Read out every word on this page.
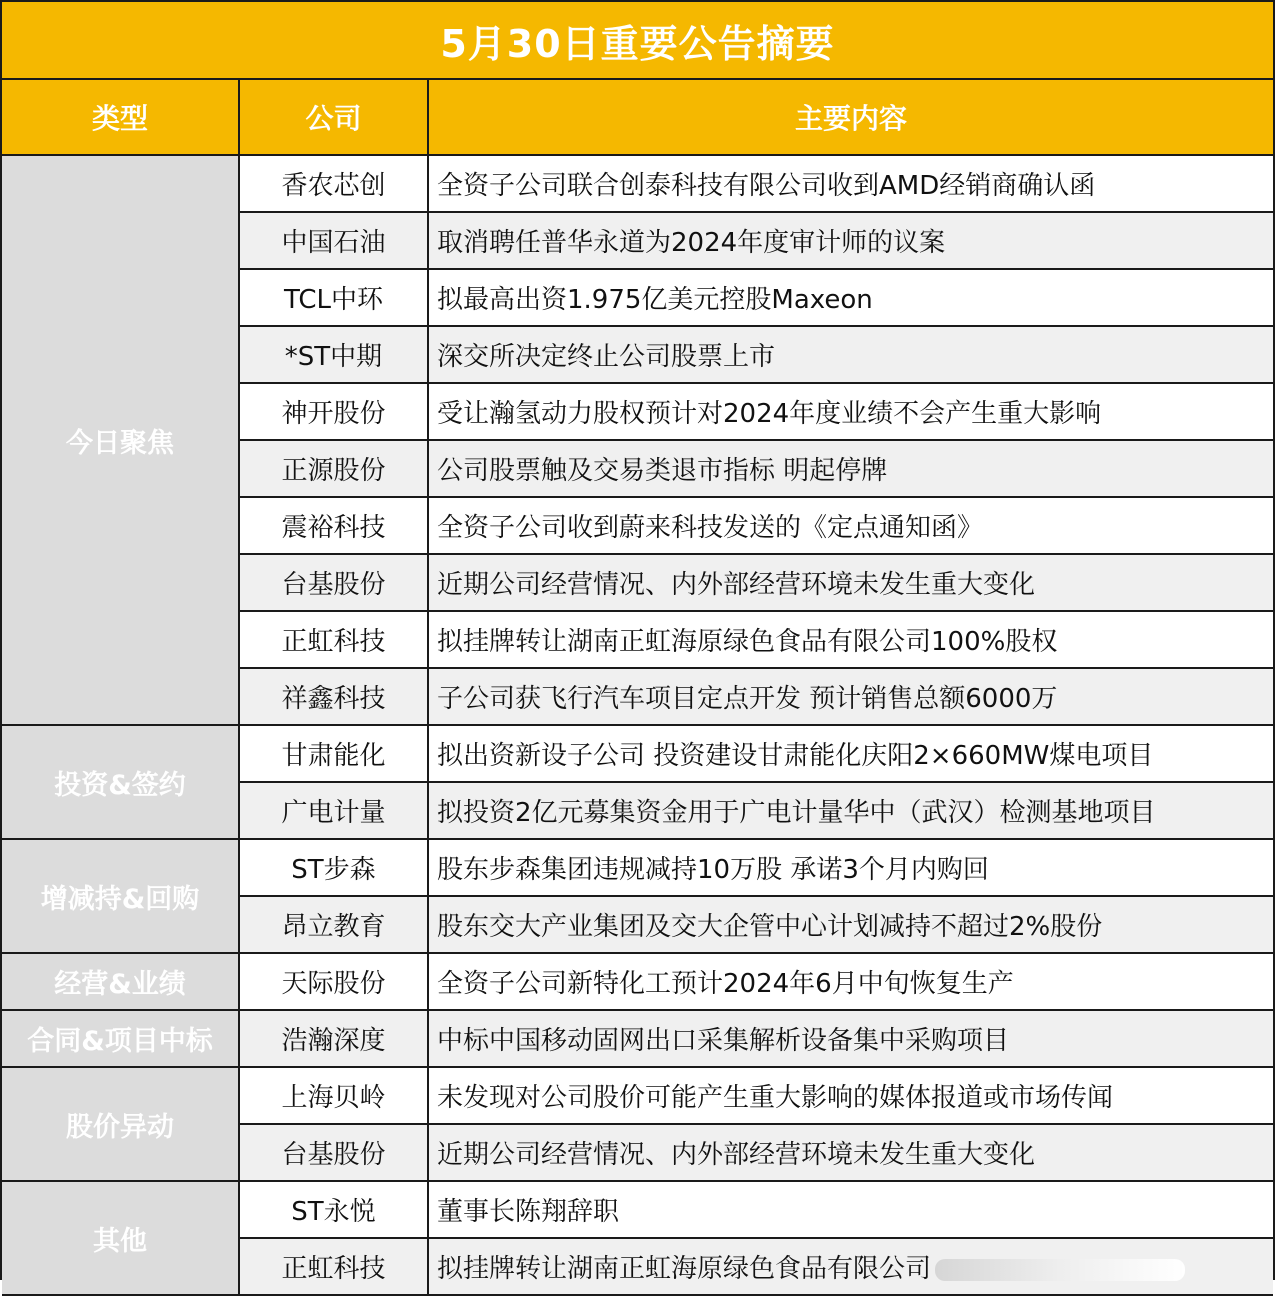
5月30日重要公告摘要
类型	公司	主要内容
今日聚焦	香农芯创	全资子公司联合创泰科技有限公司收到AMD经销商确认函
	中国石油	取消聘任普华永道为2024年度审计师的议案
	TCL中环	拟最高出资1.975亿美元控股Maxeon
	*ST中期	深交所决定终止公司股票上市
	神开股份	受让瀚氢动力股权预计对2024年度业绩不会产生重大影响
	正源股份	公司股票触及交易类退市指标 明起停牌
	震裕科技	全资子公司收到蔚来科技发送的《定点通知函》
	台基股份	近期公司经营情况、内外部经营环境未发生重大变化
	正虹科技	拟挂牌转让湖南正虹海原绿色食品有限公司100%股权
	祥鑫科技	子公司获飞行汽车项目定点开发 预计销售总额6000万
投资&签约	甘肃能化	拟出资新设子公司 投资建设甘肃能化庆阳2×660MW煤电项目
	广电计量	拟投资2亿元募集资金用于广电计量华中（武汉）检测基地项目
增减持&回购	ST步森	股东步森集团违规减持10万股 承诺3个月内购回
	昂立教育	股东交大产业集团及交大企管中心计划减持不超过2%股份
经营&业绩	天际股份	全资子公司新特化工预计2024年6月中旬恢复生产
合同&项目中标	浩瀚深度	中标中国移动固网出口采集解析设备集中采购项目
股价异动	上海贝岭	未发现对公司股价可能产生重大影响的媒体报道或市场传闻
	台基股份	近期公司经营情况、内外部经营环境未发生重大变化
其他	ST永悦	董事长陈翔辞职
	正虹科技	拟挂牌转让湖南正虹海原绿色食品有限公司
